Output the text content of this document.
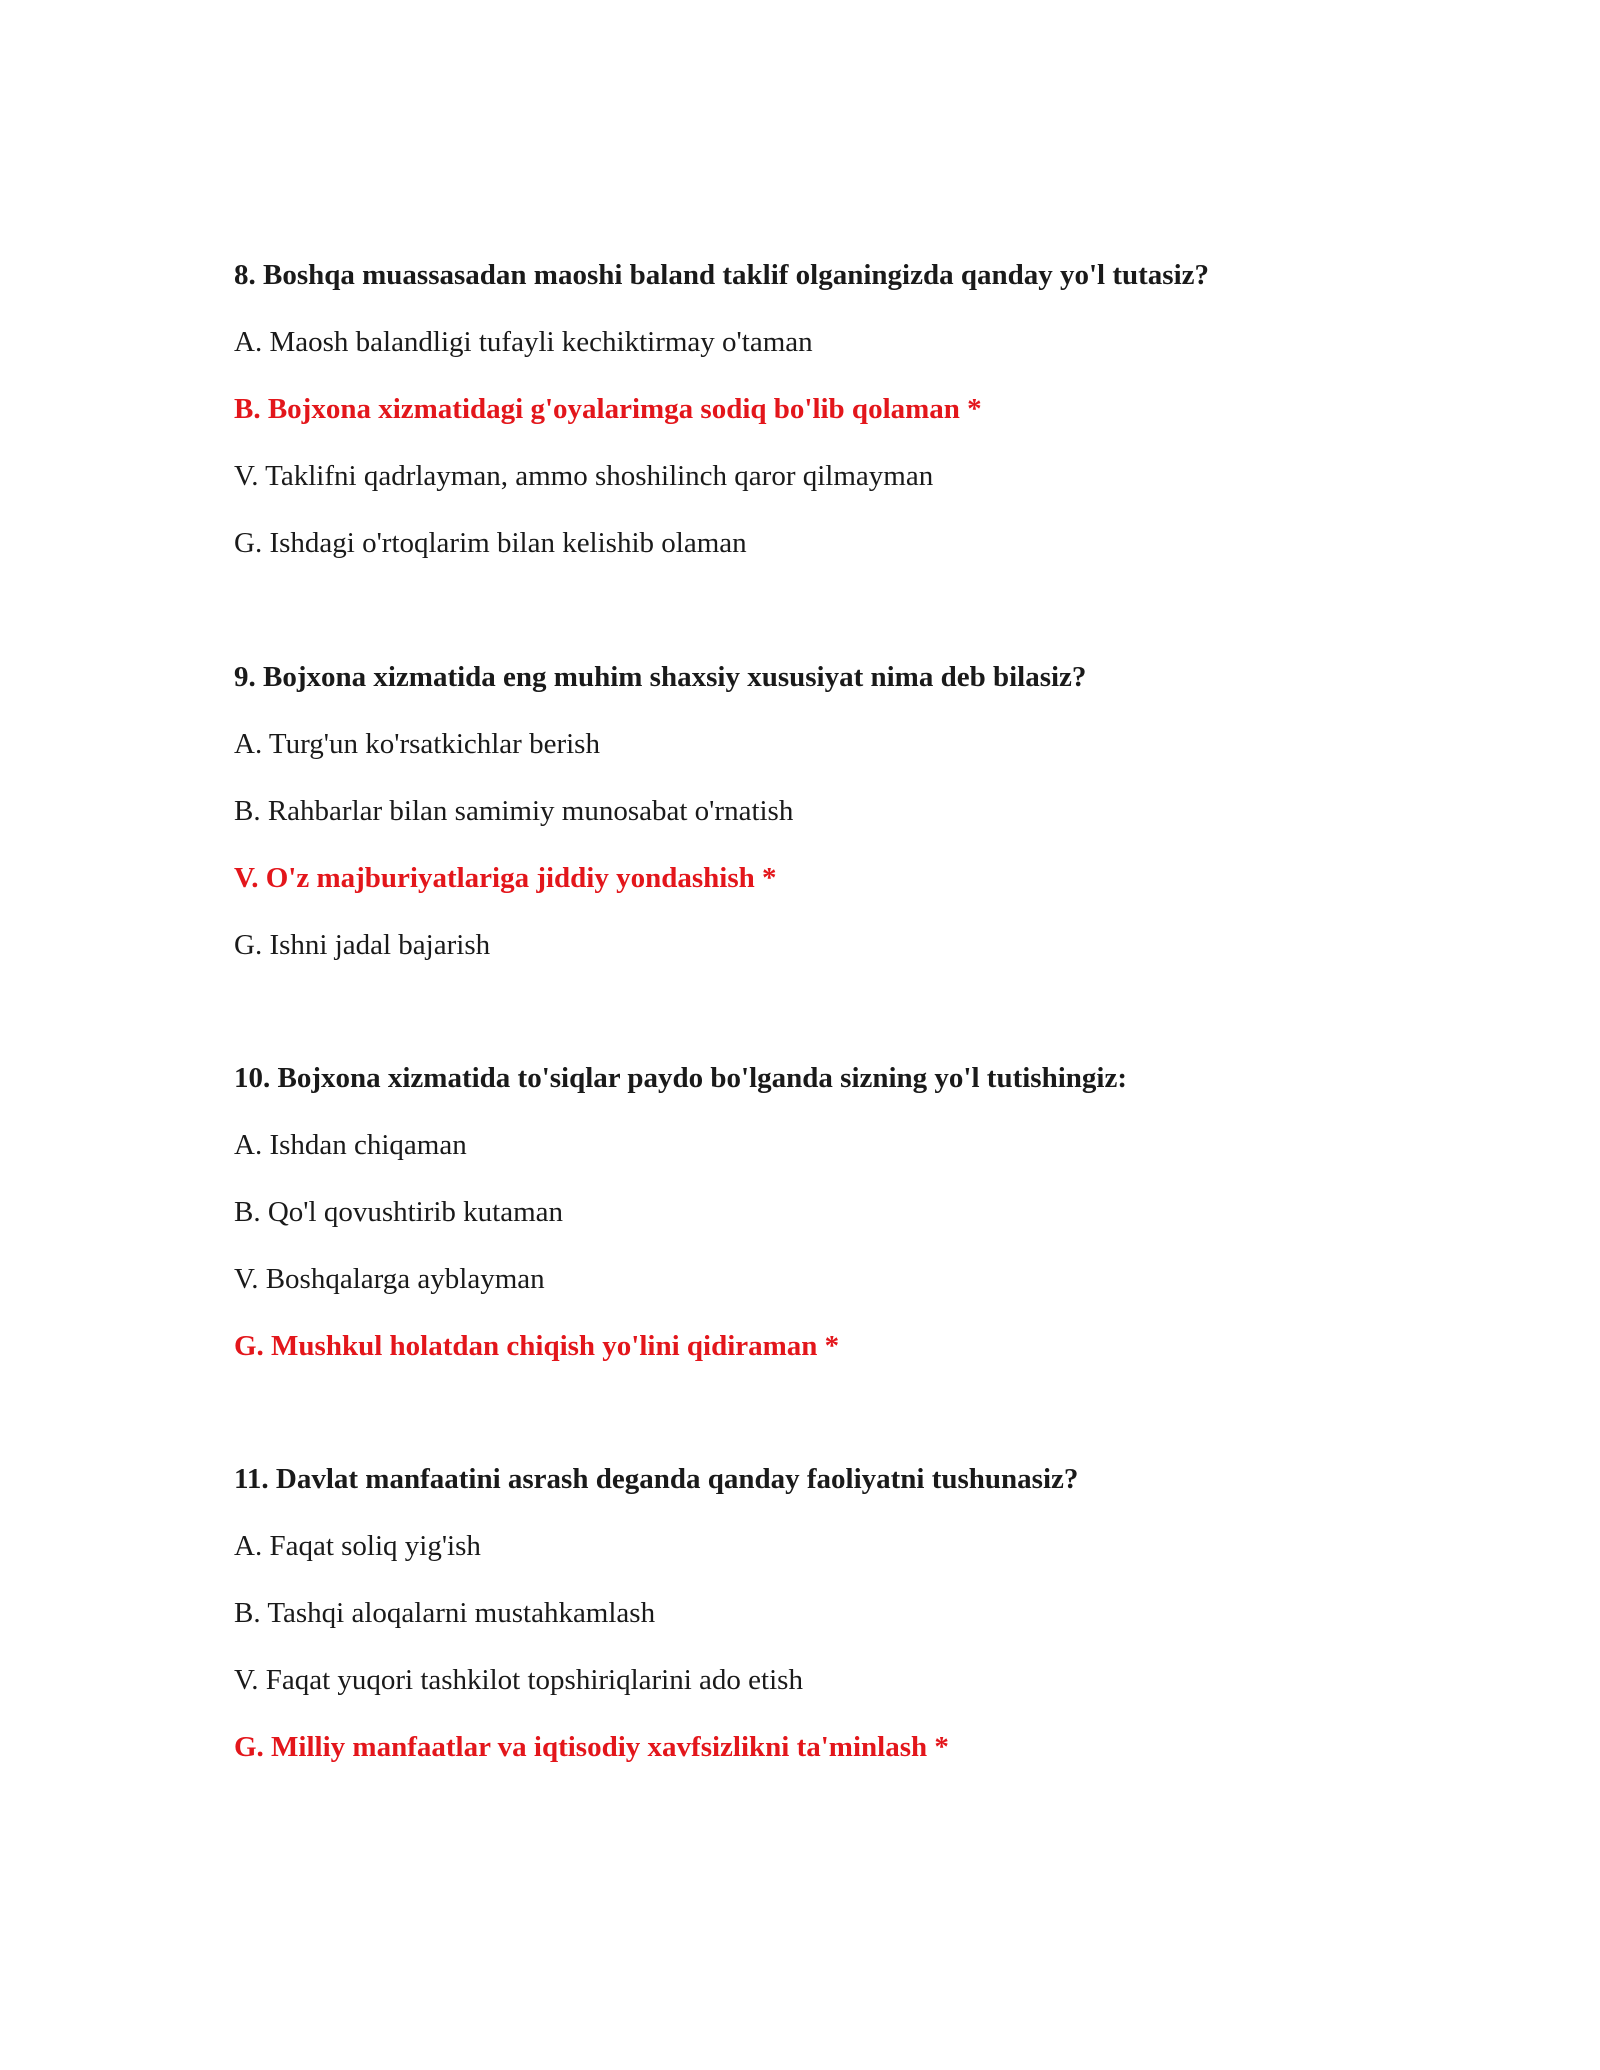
8. Boshqa muassasadan maoshi baland taklif olganingizda qanday yo'l tutasiz?

A. Maosh balandligi tufayli kechiktirmay o'taman

B. Bojxona xizmatidagi g'oyalarimga sodiq bo'lib qolaman *

V. Taklifni qadrlayman, ammo shoshilinch qaror qilmayman

G. Ishdagi o'rtoqlarim bilan kelishib olaman

9. Bojxona xizmatida eng muhim shaxsiy xususiyat nima deb bilasiz?

A. Turg'un ko'rsatkichlar berish

B. Rahbarlar bilan samimiy munosabat o'rnatish

V. O'z majburiyatlariga jiddiy yondashish *

G. Ishni jadal bajarish

10. Bojxona xizmatida to'siqlar paydo bo'lganda sizning yo'l tutishingiz:

A. Ishdan chiqaman

B. Qo'l qovushtirib kutaman

V. Boshqalarga ayblayman

G. Mushkul holatdan chiqish yo'lini qidiraman *

11. Davlat manfaatini asrash deganda qanday faoliyatni tushunasiz?

A. Faqat soliq yig'ish

B. Tashqi aloqalarni mustahkamlash

V. Faqat yuqori tashkilot topshiriqlarini ado etish

G. Milliy manfaatlar va iqtisodiy xavfsizlikni ta'minlash *
